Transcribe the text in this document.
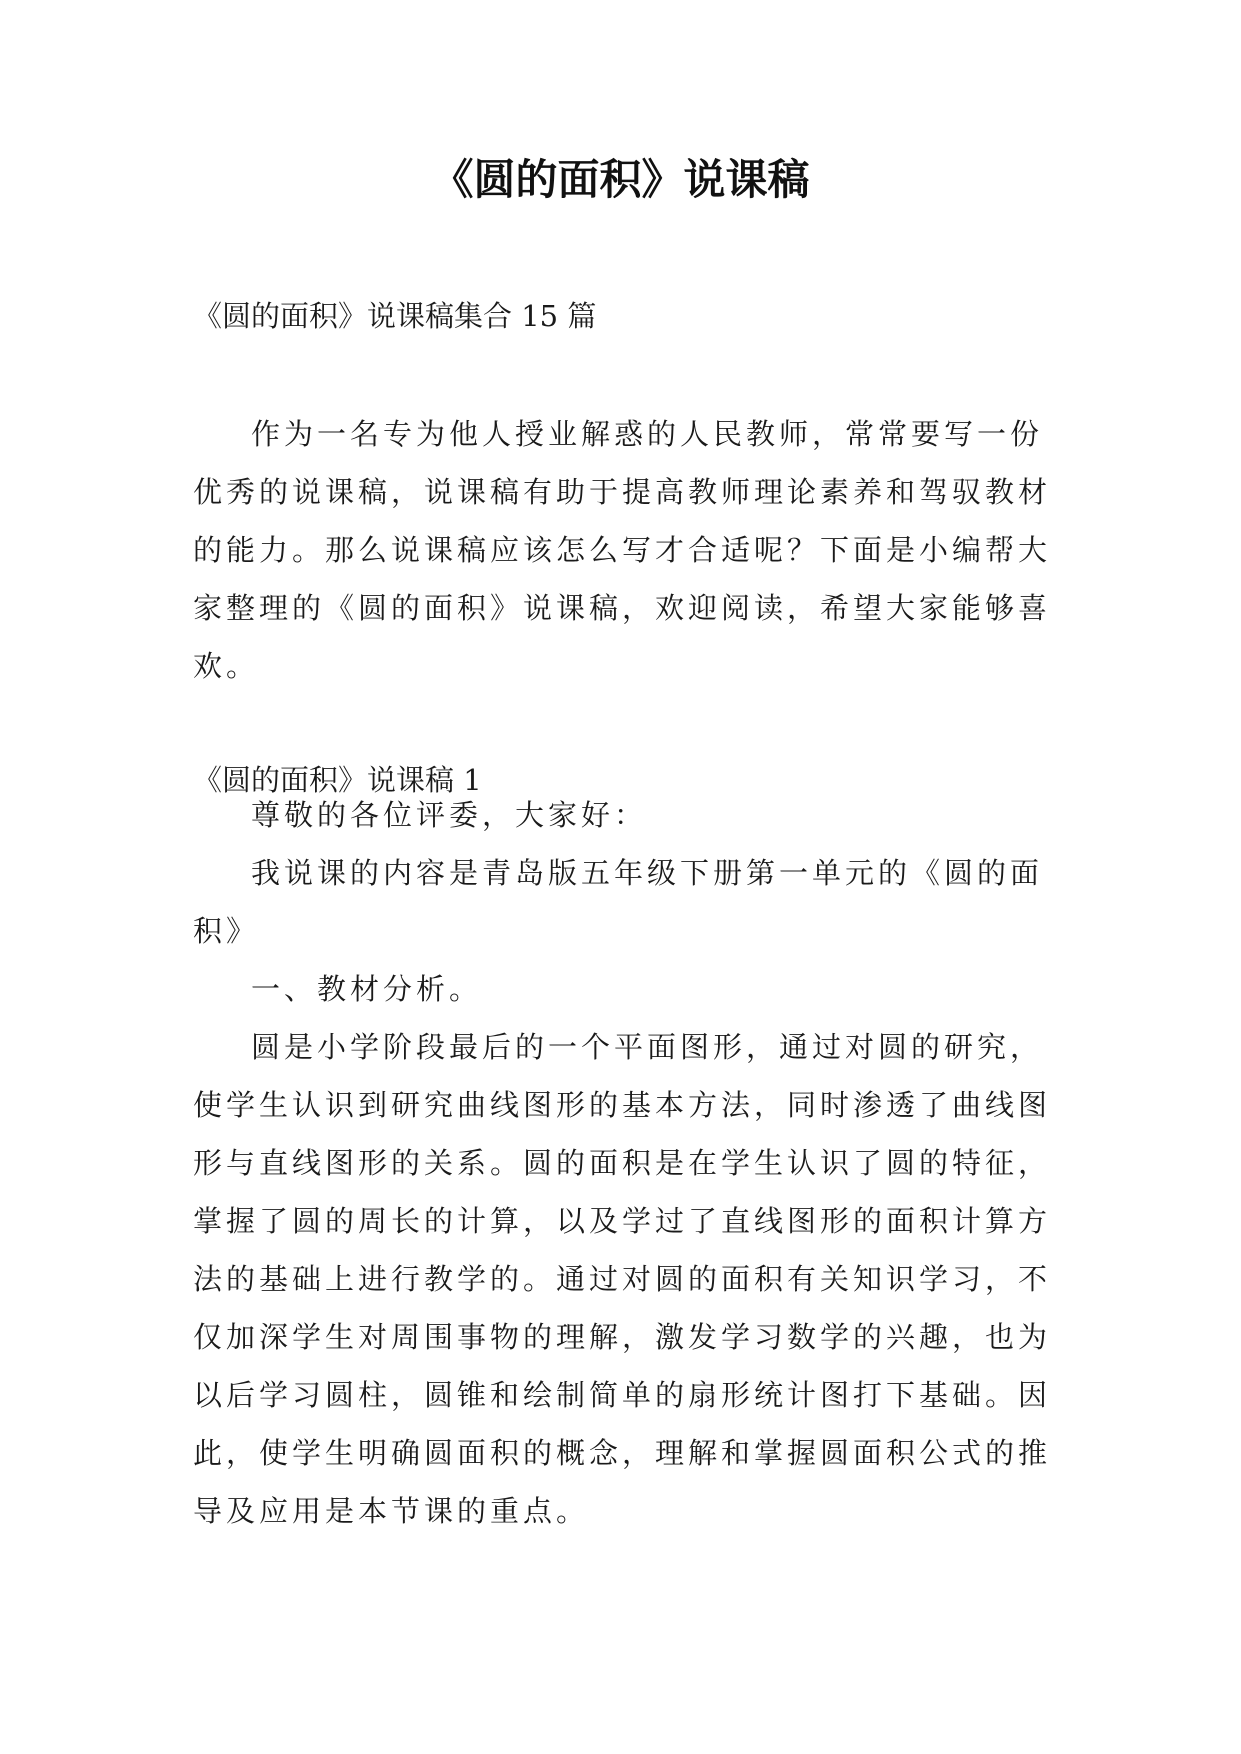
《圆的面积》说课稿
《圆的面积》说课稿集合 15 篇

作为一名专为他人授业解惑的人民教师，常常要写一份优秀的说课稿，说课稿有助于提高教师理论素养和驾驭教材的能力。那么说课稿应该怎么写才合适呢？下面是小编帮大家整理的《圆的面积》说课稿，欢迎阅读，希望大家能够喜欢。

《圆的面积》说课稿 1

尊敬的各位评委，大家好：

我说课的内容是青岛版五年级下册第一单元的《圆的面积》

一、教材分析。

圆是小学阶段最后的一个平面图形，通过对圆的研究，使学生认识到研究曲线图形的基本方法，同时渗透了曲线图形与直线图形的关系。圆的面积是在学生认识了圆的特征，掌握了圆的周长的计算，以及学过了直线图形的面积计算方法的基础上进行教学的。通过对圆的面积有关知识学习，不仅加深学生对周围事物的理解，激发学习数学的兴趣，也为以后学习圆柱，圆锥和绘制简单的扇形统计图打下基础。因此，使学生明确圆面积的概念，理解和掌握圆面积公式的推导及应用是本节课的重点。
